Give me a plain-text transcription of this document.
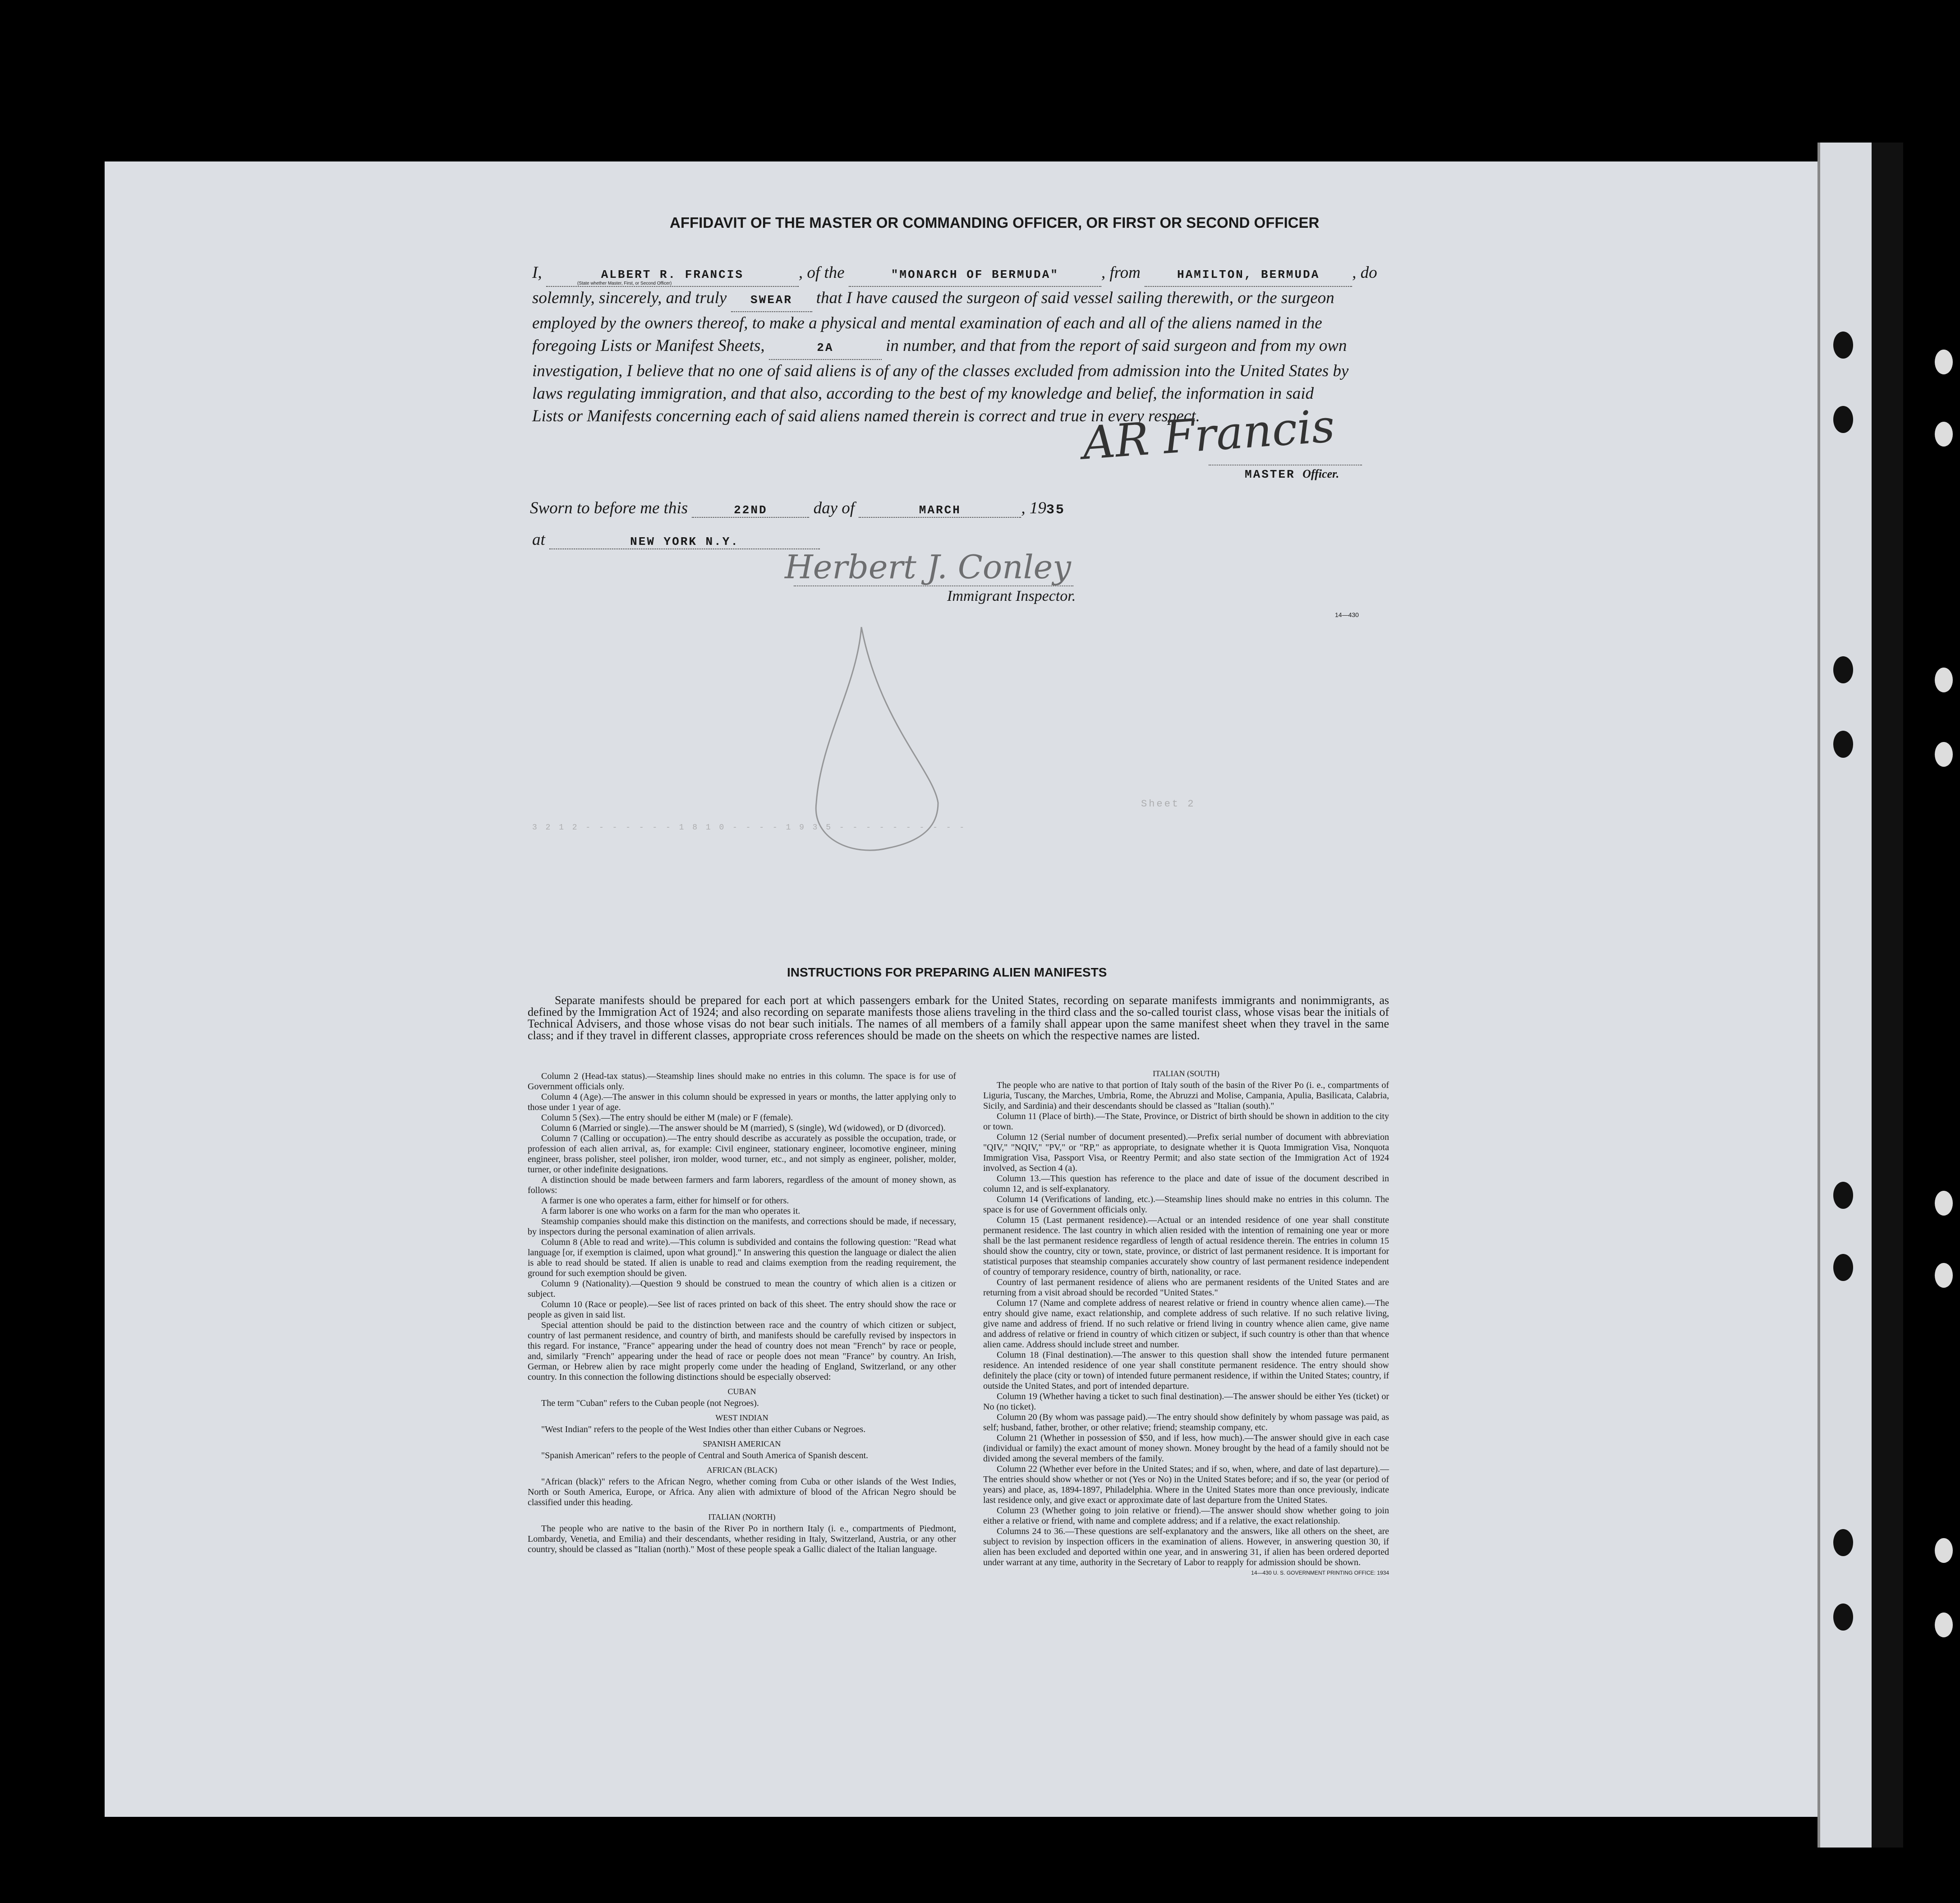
AFFIDAVIT OF THE MASTER OR COMMANDING OFFICER, OR FIRST OR SECOND OFFICER
I,	ALBERT R. FRANCIS	, of the	"MONARCH OF BERMUDA"	, from	HAMILTON, BERMUDA , do
(State whether Master, First, or Second Officer)
solemnly, sincerely, and truly SWEAR that I have caused the surgeon of said vessel sailing therewith, or the surgeon
employed by the owners thereof, to make a physical and mental examination of each and all of the aliens named in the
foregoing Lists or Manifest Sheets,	2A	in number, and that from the report of said surgeon and from my own
investigation, I believe that no one of said aliens is of any of the classes excluded from admission into the United States by
laws regulating immigration, and that also, according to the best of my knowledge and belief, the information in said
Lists or Manifests concerning each of said aliens named therein is correct and true in every respect.
AR Francis
MASTER Officer.
Sworn to before me this	22ND	day of	MARCH	, 1935
at	NEW YORK N.Y.
Herbert J. Conley
Immigrant Inspector.
14—430
Sheet 2
3 2 1 2 - - - - - - - 1 8 1 0 - - - - 1 9 3 5 - - - - - - - - - -
INSTRUCTIONS FOR PREPARING ALIEN MANIFESTS
Separate manifests should be prepared for each port at which passengers embark for the United States, recording on separate manifests immigrants and nonimmigrants, as defined by the Immigration Act of 1924; and also recording on separate manifests those aliens traveling in the third class and the so-called tourist class, whose visas bear the initials of Technical Advisers, and those whose visas do not bear such initials. The names of all members of a family shall appear upon the same manifest sheet when they travel in the same class; and if they travel in different classes, appropriate cross references should be made on the sheets on which the respective names are listed.
Column 2 (Head-tax status).—Steamship lines should make no entries in this column. The space is for use of Government officials only.
Column 4 (Age).—The answer in this column should be expressed in years or months, the latter applying only to those under 1 year of age.
Column 5 (Sex).—The entry should be either M (male) or F (female).
Column 6 (Married or single).—The answer should be M (married), S (single), Wd (widowed), or D (divorced).
Column 7 (Calling or occupation).—The entry should describe as accurately as possible the occupation, trade, or profession of each alien arrival, as, for example: Civil engineer, stationary engineer, locomotive engineer, mining engineer, brass polisher, steel polisher, iron molder, wood turner, etc., and not simply as engineer, polisher, molder, turner, or other indefinite designations.
A distinction should be made between farmers and farm laborers, regardless of the amount of money shown, as follows:
A farmer is one who operates a farm, either for himself or for others.
A farm laborer is one who works on a farm for the man who operates it.
Steamship companies should make this distinction on the manifests, and corrections should be made, if necessary, by inspectors during the personal examination of alien arrivals.
Column 8 (Able to read and write).—This column is subdivided and contains the following question: "Read what language [or, if exemption is claimed, upon what ground]." In answering this question the language or dialect the alien is able to read should be stated. If alien is unable to read and claims exemption from the reading requirement, the ground for such exemption should be given.
Column 9 (Nationality).—Question 9 should be construed to mean the country of which alien is a citizen or subject.
Column 10 (Race or people).—See list of races printed on back of this sheet. The entry should show the race or people as given in said list.
Special attention should be paid to the distinction between race and the country of which citizen or subject, country of last permanent residence, and country of birth, and manifests should be carefully revised by inspectors in this regard. For instance, "France" appearing under the head of country does not mean "French" by race or people, and, similarly "French" appearing under the head of race or people does not mean "France" by country. An Irish, German, or Hebrew alien by race might properly come under the heading of England, Switzerland, or any other country. In this connection the following distinctions should be especially observed:
CUBAN
The term "Cuban" refers to the Cuban people (not Negroes).
WEST INDIAN
"West Indian" refers to the people of the West Indies other than either Cubans or Negroes.
SPANISH AMERICAN
"Spanish American" refers to the people of Central and South America of Spanish descent.
AFRICAN (BLACK)
"African (black)" refers to the African Negro, whether coming from Cuba or other islands of the West Indies, North or South America, Europe, or Africa. Any alien with admixture of blood of the African Negro should be classified under this heading.
ITALIAN (NORTH)
The people who are native to the basin of the River Po in northern Italy (i. e., compartments of Piedmont, Lombardy, Venetia, and Emilia) and their descendants, whether residing in Italy, Switzerland, Austria, or any other country, should be classed as "Italian (north)." Most of these people speak a Gallic dialect of the Italian language.
ITALIAN (SOUTH)
The people who are native to that portion of Italy south of the basin of the River Po (i. e., compartments of Liguria, Tuscany, the Marches, Umbria, Rome, the Abruzzi and Molise, Campania, Apulia, Basilicata, Calabria, Sicily, and Sardinia) and their descendants should be classed as "Italian (south)."
Column 11 (Place of birth).—The State, Province, or District of birth should be shown in addition to the city or town.
Column 12 (Serial number of document presented).—Prefix serial number of document with abbreviation "QIV," "NQIV," "PV," or "RP," as appropriate, to designate whether it is Quota Immigration Visa, Nonquota Immigration Visa, Passport Visa, or Reentry Permit; and also state section of the Immigration Act of 1924 involved, as Section 4 (a).
Column 13.—This question has reference to the place and date of issue of the document described in column 12, and is self-explanatory.
Column 14 (Verifications of landing, etc.).—Steamship lines should make no entries in this column. The space is for use of Government officials only.
Column 15 (Last permanent residence).—Actual or an intended residence of one year shall constitute permanent residence. The last country in which alien resided with the intention of remaining one year or more shall be the last permanent residence regardless of length of actual residence therein. The entries in column 15 should show the country, city or town, state, province, or district of last permanent residence. It is important for statistical purposes that steamship companies accurately show country of last permanent residence independent of country of temporary residence, country of birth, nationality, or race.
Country of last permanent residence of aliens who are permanent residents of the United States and are returning from a visit abroad should be recorded "United States."
Column 17 (Name and complete address of nearest relative or friend in country whence alien came).—The entry should give name, exact relationship, and complete address of such relative. If no such relative living, give name and address of friend. If no such relative or friend living in country whence alien came, give name and address of relative or friend in country of which citizen or subject, if such country is other than that whence alien came. Address should include street and number.
Column 18 (Final destination).—The answer to this question shall show the intended future permanent residence. An intended residence of one year shall constitute permanent residence. The entry should show definitely the place (city or town) of intended future permanent residence, if within the United States; country, if outside the United States, and port of intended departure.
Column 19 (Whether having a ticket to such final destination).—The answer should be either Yes (ticket) or No (no ticket).
Column 20 (By whom was passage paid).—The entry should show definitely by whom passage was paid, as self; husband, father, brother, or other relative; friend; steamship company, etc.
Column 21 (Whether in possession of $50, and if less, how much).—The answer should give in each case (individual or family) the exact amount of money shown. Money brought by the head of a family should not be divided among the several members of the family.
Column 22 (Whether ever before in the United States; and if so, when, where, and date of last departure).—The entries should show whether or not (Yes or No) in the United States before; and if so, the year (or period of years) and place, as, 1894-1897, Philadelphia. Where in the United States more than once previously, indicate last residence only, and give exact or approximate date of last departure from the United States.
Column 23 (Whether going to join relative or friend).—The answer should show whether going to join either a relative or friend, with name and complete address; and if a relative, the exact relationship.
Columns 24 to 36.—These questions are self-explanatory and the answers, like all others on the sheet, are subject to revision by inspection officers in the examination of aliens. However, in answering question 30, if alien has been excluded and deported within one year, and in answering 31, if alien has been ordered deported under warrant at any time, authority in the Secretary of Labor to reapply for admission should be shown.
14—430 U. S. GOVERNMENT PRINTING OFFICE: 1934
